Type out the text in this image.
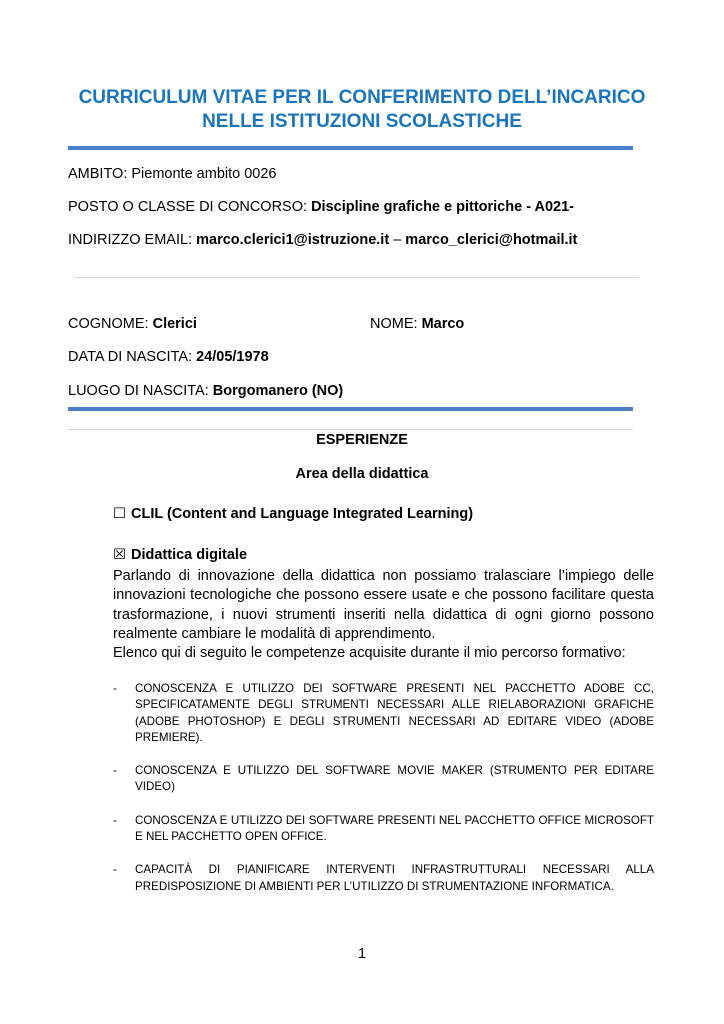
CURRICULUM VITAE PER IL CONFERIMENTO DELL’INCARICO
NELLE ISTITUZIONI SCOLASTICHE
AMBITO: Piemonte ambito 0026
POSTO O CLASSE DI CONCORSO: Discipline grafiche e pittoriche - A021-
INDIRIZZO EMAIL: marco.clerici1@istruzione.it – marco_clerici@hotmail.it
COGNOME: Clerici	NOME: Marco
DATA DI NASCITA: 24/05/1978
LUOGO DI NASCITA: Borgomanero (NO)
ESPERIENZE
Area della didattica
☐ CLIL (Content and Language Integrated Learning)
☒ Didattica digitale

Parlando di innovazione della didattica non possiamo tralasciare l’impiego delle innovazioni tecnologiche che possono essere usate e che possono facilitare questa trasformazione, i nuovi strumenti inseriti nella didattica di ogni giorno possono realmente cambiare le modalità di apprendimento.

Elenco qui di seguito le competenze acquisite durante il mio percorso formativo:

- CONOSCENZA E UTILIZZO DEI SOFTWARE PRESENTI NEL PACCHETTO ADOBE CC, SPECIFICATAMENTE DEGLI STRUMENTI NECESSARI ALLE RIELABORAZIONI GRAFICHE (ADOBE PHOTOSHOP) E DEGLI STRUMENTI NECESSARI AD EDITARE VIDEO (ADOBE PREMIERE).
- CONOSCENZA E UTILIZZO DEL SOFTWARE MOVIE MAKER (STRUMENTO PER EDITARE VIDEO)
- CONOSCENZA E UTILIZZO DEI SOFTWARE PRESENTI NEL PACCHETTO OFFICE MICROSOFT E NEL PACCHETTO OPEN OFFICE.
- CAPACITÀ DI PIANIFICARE INTERVENTI INFRASTRUTTURALI NECESSARI ALLA PREDISPOSIZIONE DI AMBIENTI PER L’UTILIZZO DI STRUMENTAZIONE INFORMATICA.
1
